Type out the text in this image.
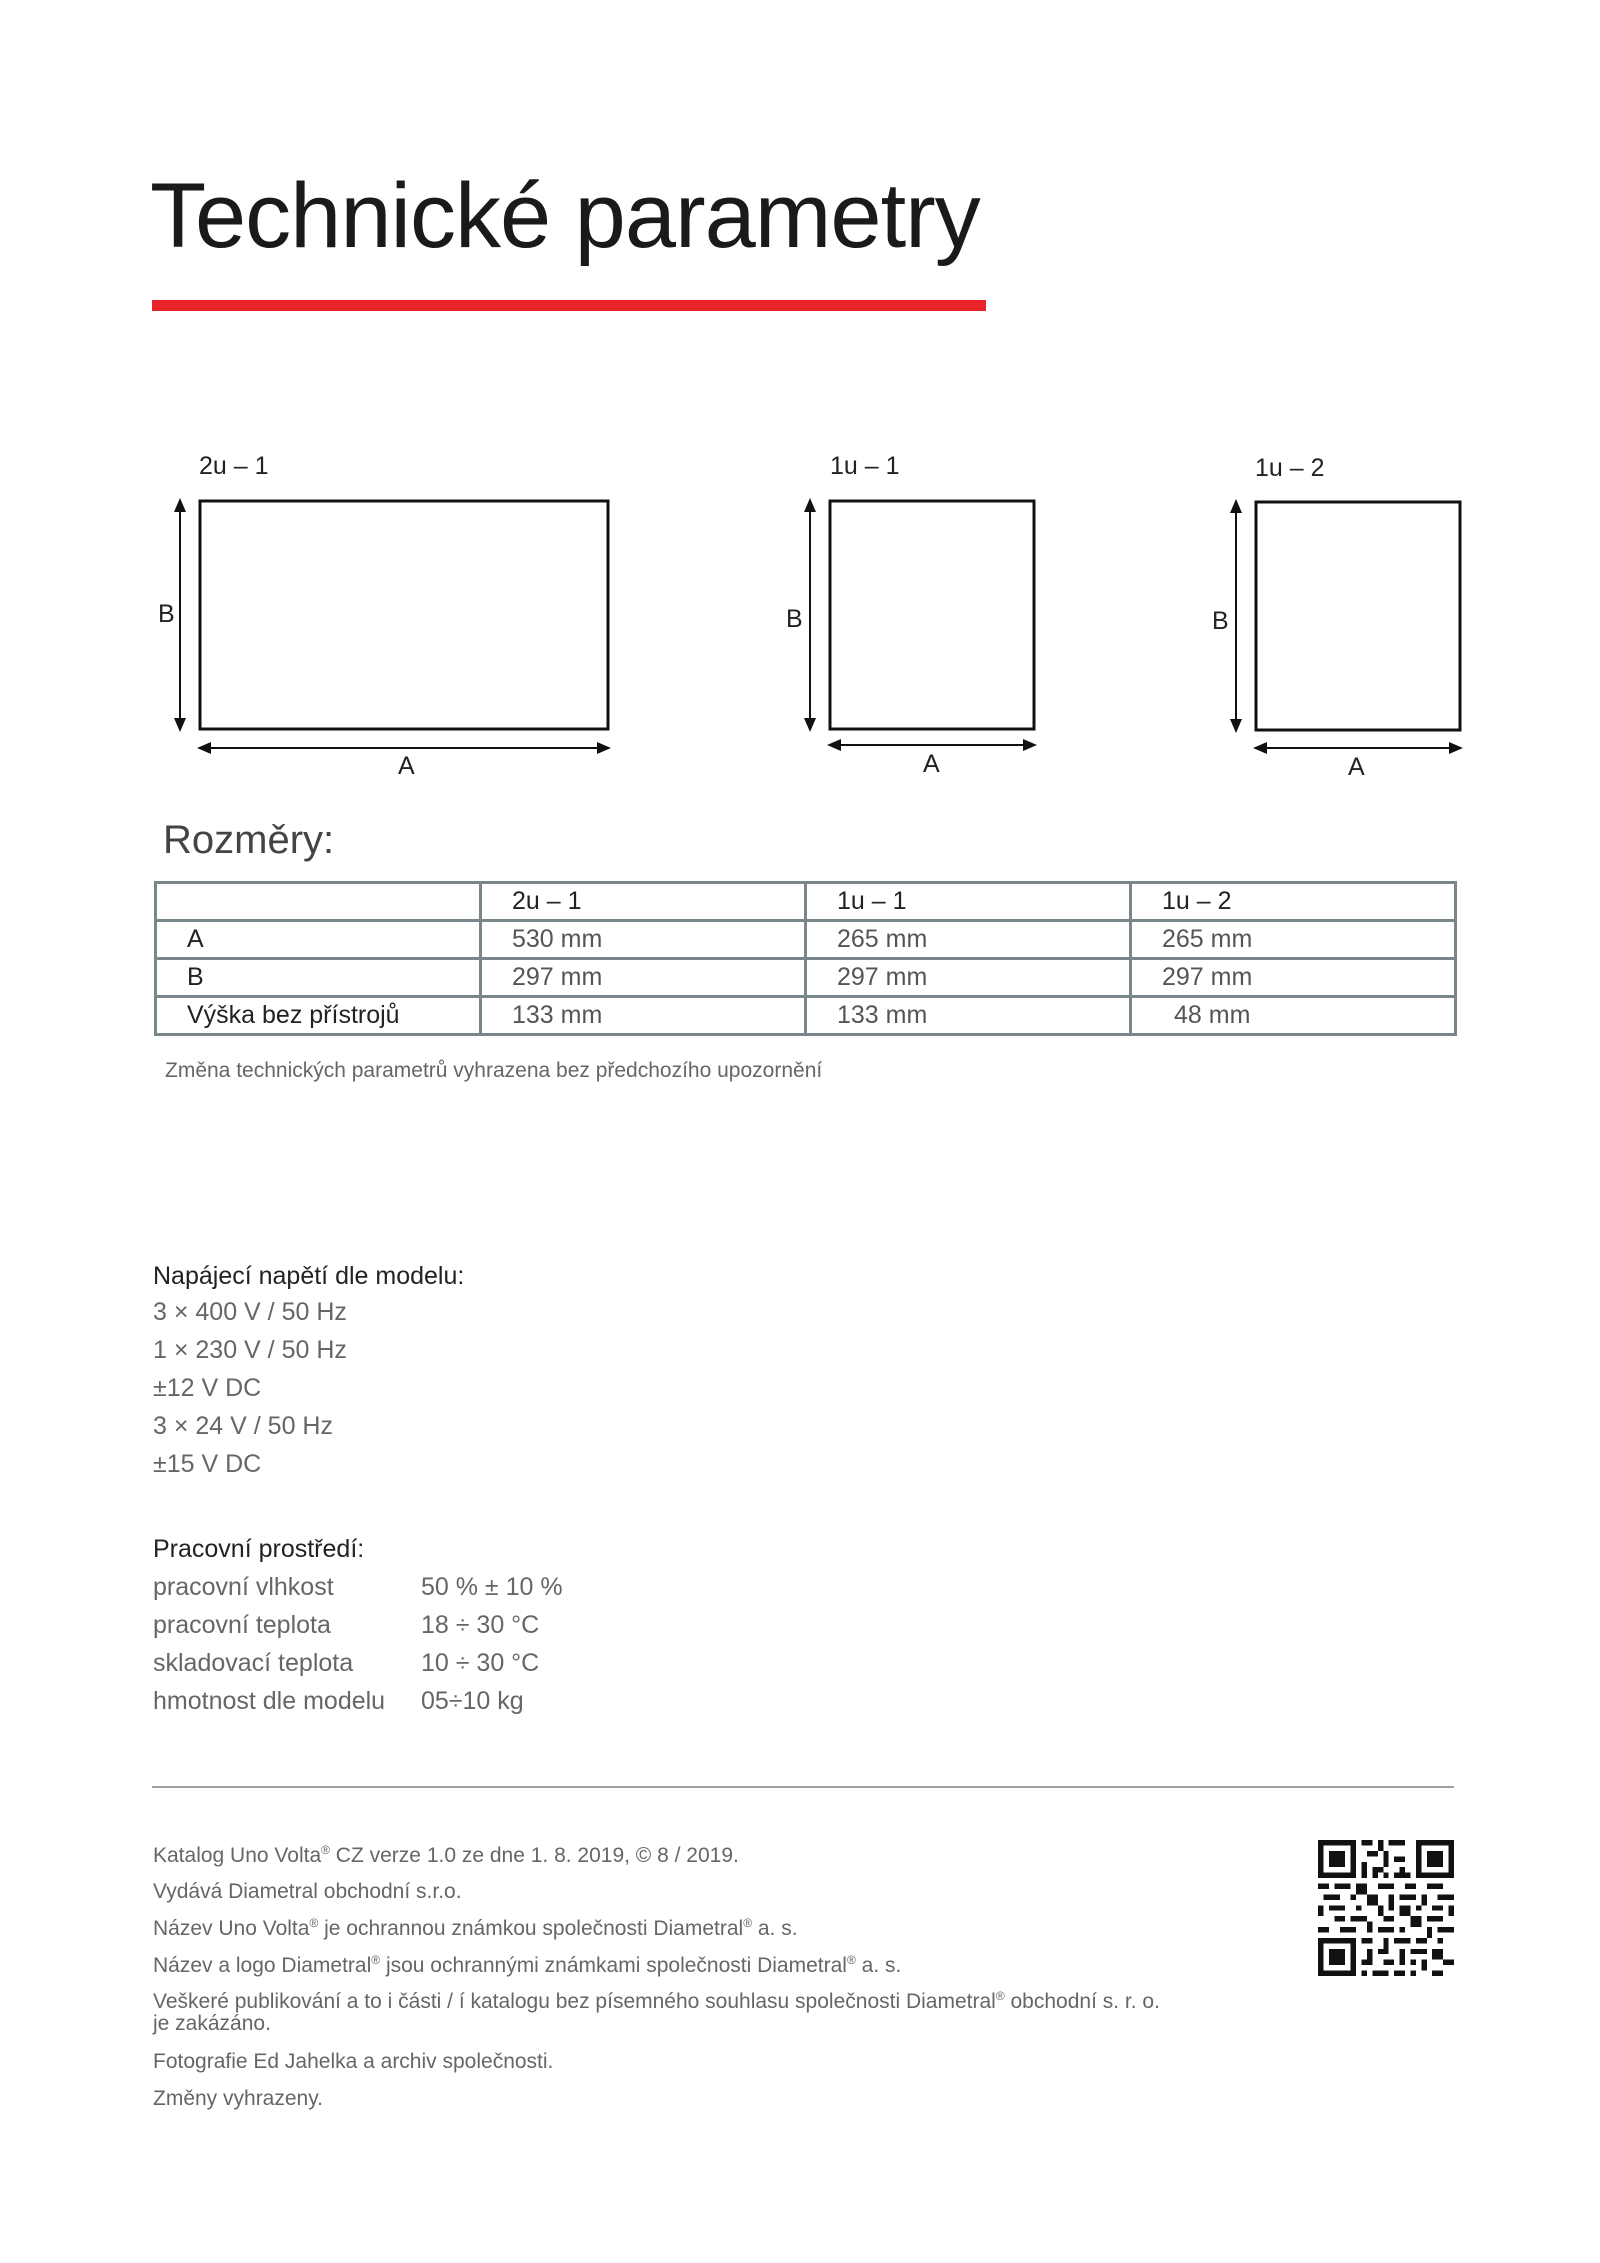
Technické parametry
2u – 1
B
A
1u – 1
B
A
1u – 2
B
A
Rozměry:
	2u – 1	1u – 1	1u – 2
A	530 mm	265 mm	265 mm
B	297 mm	297 mm	297 mm
Výška bez přístrojů	133 mm	133 mm	48 mm
Změna technických parametrů vyhrazena bez předchozího upozornění
Napájecí napětí dle modelu:
3 × 400 V / 50 Hz
1 × 230 V / 50 Hz
±12 V DC
3 × 24 V / 50 Hz
±15 V DC
Pracovní prostředí:
pracovní vlhkost	50 % ± 10 %
pracovní teplota	18 ÷ 30 °C
skladovací teplota	10 ÷ 30 °C
hmotnost dle modelu	05÷10 kg
Katalog Uno Volta® CZ verze 1.0 ze dne 1. 8. 2019, © 8 / 2019.
Vydává Diametral obchodní s.r.o.
Název Uno Volta® je ochrannou známkou společnosti Diametral® a. s.
Název a logo Diametral® jsou ochrannými známkami společnosti Diametral® a. s.
Veškeré publikování a to i části / í katalogu bez písemného souhlasu společnosti Diametral® obchodní s. r. o.
je zakázáno.
Fotografie Ed Jahelka a archiv společnosti.
Změny vyhrazeny.
